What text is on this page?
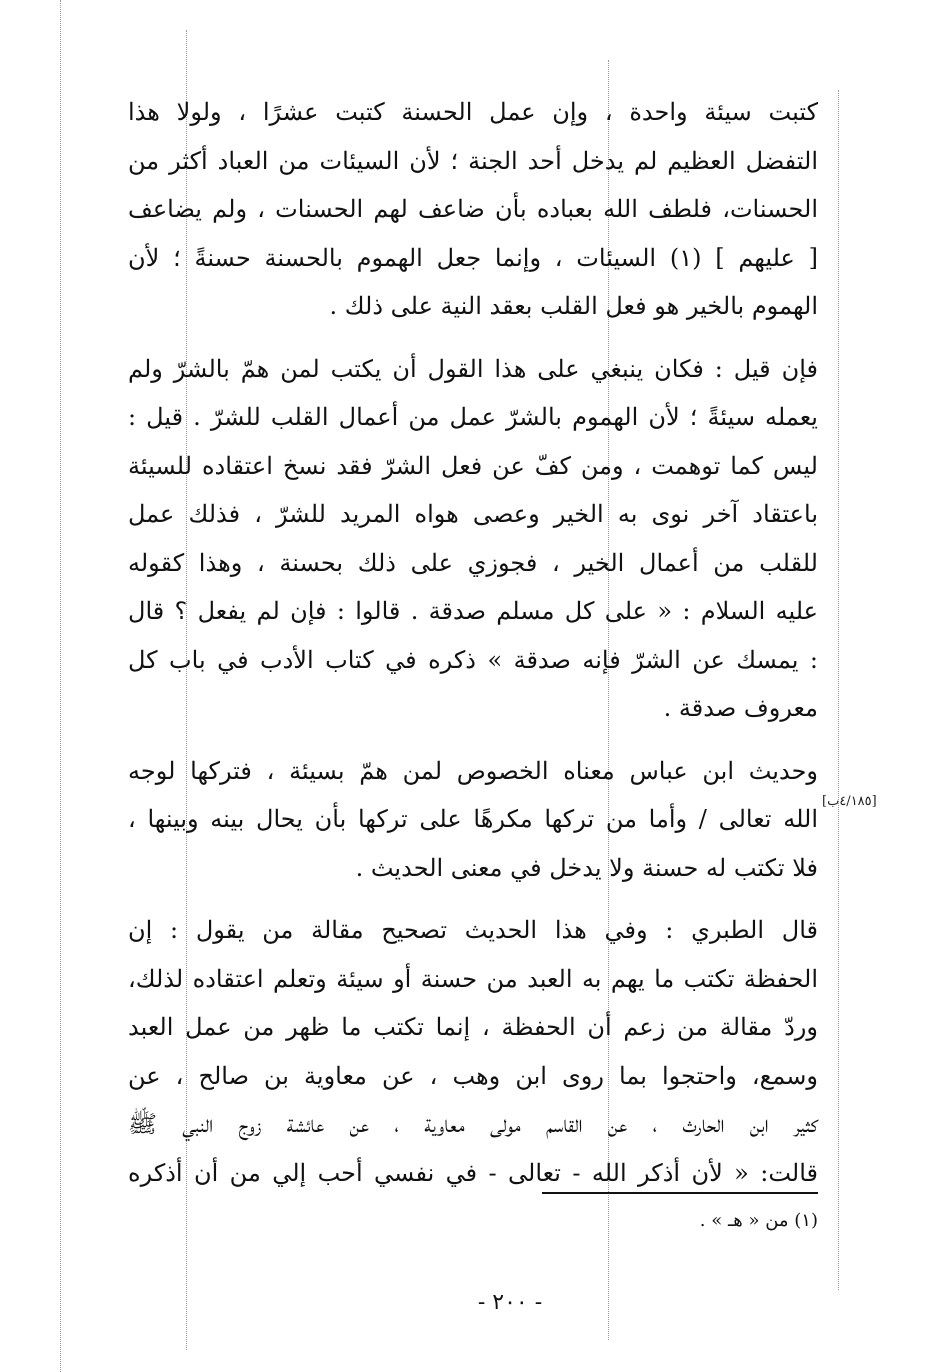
كتبت سيئة واحدة ، وإن عمل الحسنة كتبت عشرًا ، ولولا هذا
التفضل العظيم لم يدخل أحد الجنة ؛ لأن السيئات من العباد أكثر من
الحسنات، فلطف الله بعباده بأن ضاعف لهم الحسنات ، ولم يضاعف
[ عليهم ] (١) السيئات ، وإنما جعل الهموم بالحسنة حسنةً ؛ لأن
الهموم بالخير هو فعل القلب بعقد النية على ذلك .
فإن قيل : فكان ينبغي على هذا القول أن يكتب لمن همّ بالشرّ ولم
يعمله سيئةً ؛ لأن الهموم بالشرّ عمل من أعمال القلب للشرّ . قيل :
ليس كما توهمت ، ومن كفّ عن فعل الشرّ فقد نسخ اعتقاده للسيئة
باعتقاد آخر نوى به الخير وعصى هواه المريد للشرّ ، فذلك عمل
للقلب من أعمال الخير ، فجوزي على ذلك بحسنة ، وهذا كقوله
عليه السلام : « على كل مسلم صدقة . قالوا : فإن لم يفعل ؟ قال
: يمسك عن الشرّ فإنه صدقة » ذكره في كتاب الأدب في باب كل
معروف صدقة .
وحديث ابن عباس معناه الخصوص لمن همّ بسيئة ، فتركها لوجه
الله تعالى / وأما من تركها مكرهًا على تركها بأن يحال بينه وبينها ،
فلا تكتب له حسنة ولا يدخل في معنى الحديث .
قال الطبري : وفي هذا الحديث تصحيح مقالة من يقول : إن
الحفظة تكتب ما يهم به العبد من حسنة أو سيئة وتعلم اعتقاده لذلك،
وردّ مقالة من زعم أن الحفظة ، إنما تكتب ما ظهر من عمل العبد
وسمع، واحتجوا بما روى ابن وهب ، عن معاوية بن صالح ، عن
كثير ابن الحارث ، عن القاسم مولى معاوية ، عن عائشة زوج النبي ﷺ
قالت: « لأن أذكر الله - تعالى - في نفسي أحب إلي من أن أذكره
[٤/١٨٥ب]
(١) من « هـ » .
- ٢٠٠ -
